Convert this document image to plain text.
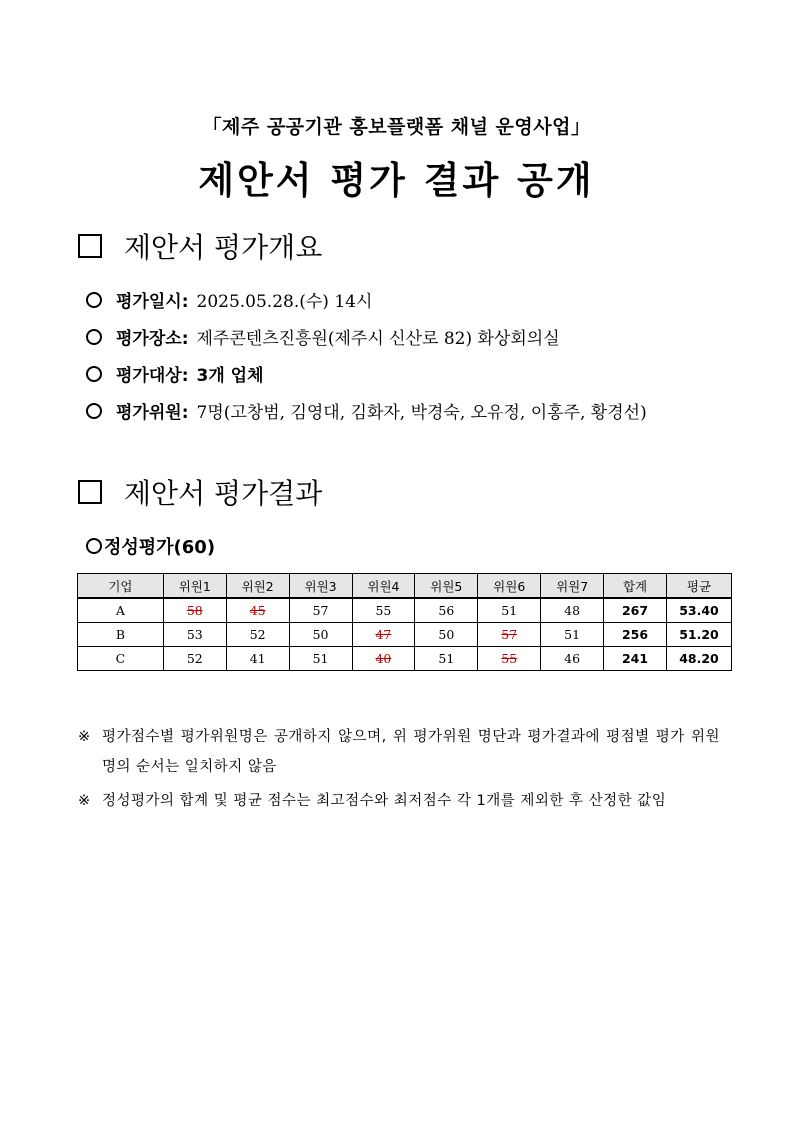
「제주 공공기관 홍보플랫폼 채널 운영사업」
제안서 평가 결과 공개
제안서 평가개요
평가일시: 2025.05.28.(수) 14시
평가장소: 제주콘텐츠진흥원(제주시 신산로 82) 화상회의실
평가대상: 3개 업체
평가위원: 7명(고창범, 김영대, 김화자, 박경숙, 오유정, 이홍주, 황경선)
제안서 평가결과
정성평가(60)
기업	위원1	위원2	위원3	위원4	위원5	위원6	위원7	합계	평균
A	58	45	57	55	56	51	48	267	53.40
B	53	52	50	47	50	57	51	256	51.20
C	52	41	51	40	51	55	46	241	48.20
※ 평가점수별 평가위원명은 공개하지 않으며, 위 평가위원 명단과 평가결과에 평점별 평가 위원명의 순서는 일치하지 않음
※ 정성평가의 합계 및 평균 점수는 최고점수와 최저점수 각 1개를 제외한 후 산정한 값임
